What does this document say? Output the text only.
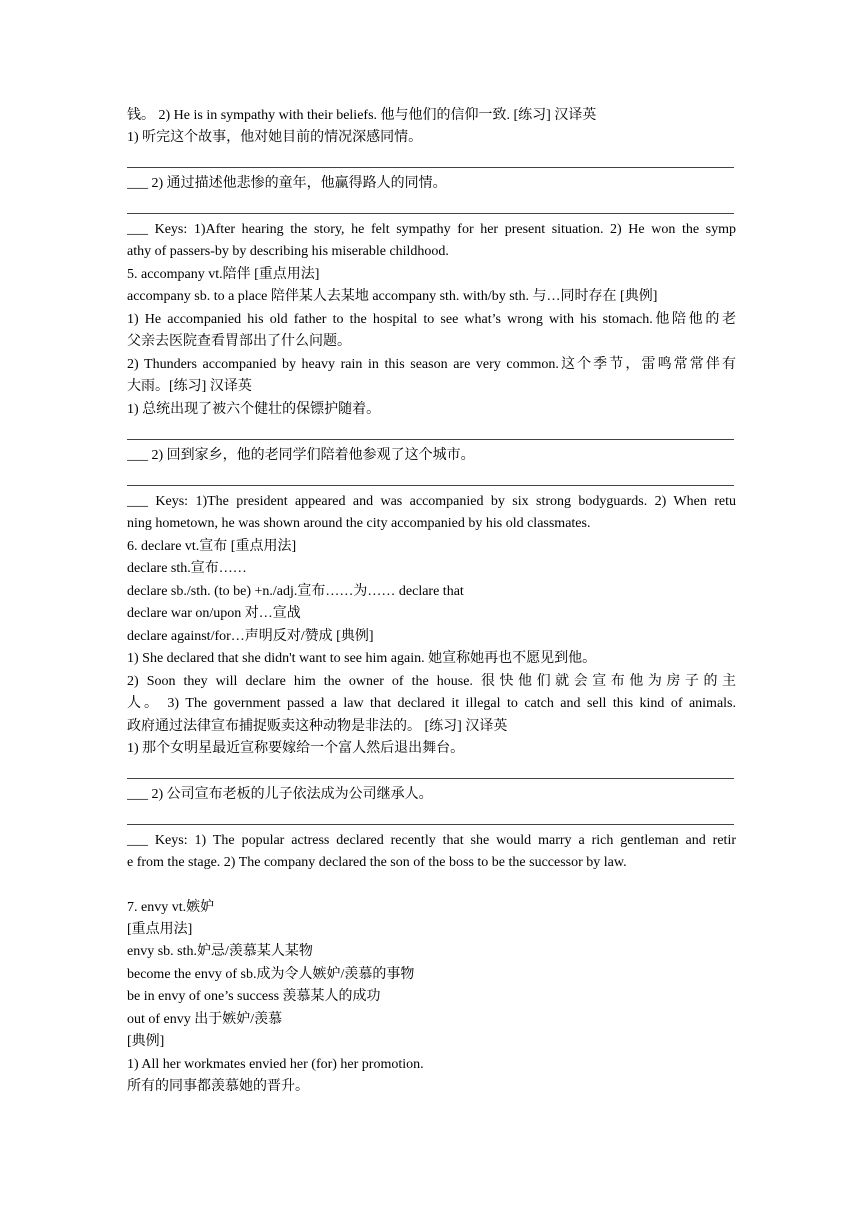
钱。 2) He is in sympathy with their beliefs. 他与他们的信仰一致. [练习] 汉译英
1) 听完这个故事，他对她目前的情况深感同情。
___ 2) 通过描述他悲惨的童年，他赢得路人的同情。
___ Keys: 1)After hearing the story, he felt sympathy for her present situation. 2) He won the symp
athy of passers-by by describing his miserable childhood.
5. accompany vt.陪伴 [重点用法]
accompany sb. to a place 陪伴某人去某地 accompany sth. with/by sth. 与…同时存在 [典例]
1) He accompanied his old father to the hospital to see what’s wrong with his stomach.他陪他的老
父亲去医院查看胃部出了什么问题。
2) Thunders accompanied by heavy rain in this season are very common.这个季节，雷鸣常常伴有
大雨。[练习] 汉译英
1) 总统出现了被六个健壮的保镖护随着。
___ 2) 回到家乡，他的老同学们陪着他参观了这个城市。
___ Keys: 1)The president appeared and was accompanied by six strong bodyguards. 2) When retu
ning hometown, he was shown around the city accompanied by his old classmates.
6. declare vt.宣布 [重点用法]
declare sth.宣布……
declare sb./sth. (to be) +n./adj.宣布……为…… declare that
declare war on/upon 对…宣战
declare against/for…声明反对/赞成 [典例]
1) She declared that she didn't want to see him again. 她宣称她再也不愿见到他。
2) Soon they will declare him the owner of the house. 很快他们就会宣布他为房子的主
人。 3) The government passed a law that declared it illegal to catch and sell this kind of animals.
政府通过法律宣布捕捉贩卖这种动物是非法的。 [练习] 汉译英
1) 那个女明星最近宣称要嫁给一个富人然后退出舞台。
___ 2) 公司宣布老板的儿子依法成为公司继承人。
___ Keys: 1) The popular actress declared recently that she would marry a rich gentleman and retir
e from the stage. 2) The company declared the son of the boss to be the successor by law.
7. envy vt.嫉妒
[重点用法]
envy sb. sth.妒忌/羡慕某人某物
become the envy of sb.成为令人嫉妒/羡慕的事物
be in envy of one’s success 羡慕某人的成功
out of envy 出于嫉妒/羡慕
[典例]
1) All her workmates envied her (for) her promotion.
所有的同事都羡慕她的晋升。
